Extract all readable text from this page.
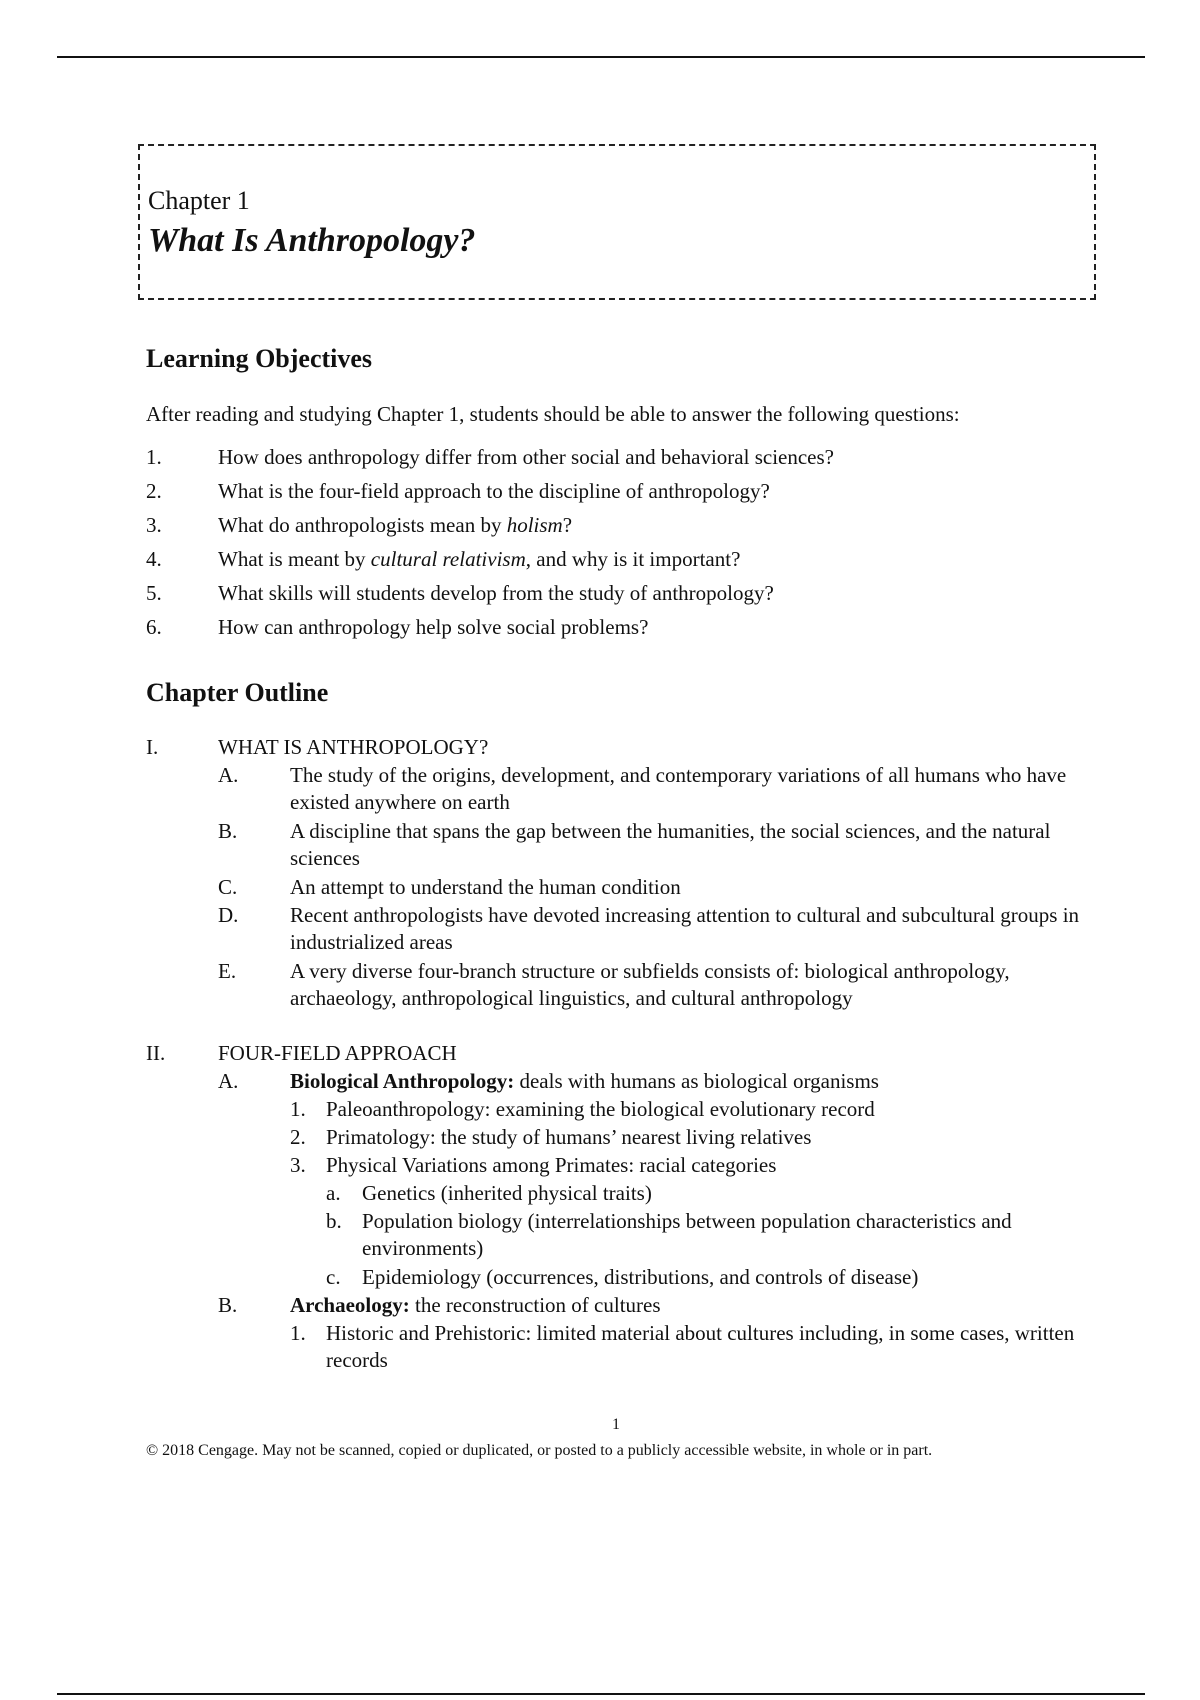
Chapter 1
What Is Anthropology?
Learning Objectives
After reading and studying Chapter 1, students should be able to answer the following questions:
1.	How does anthropology differ from other social and behavioral sciences?
2.	What is the four-field approach to the discipline of anthropology?
3.	What do anthropologists mean by holism?
4.	What is meant by cultural relativism, and why is it important?
5.	What skills will students develop from the study of anthropology?
6.	How can anthropology help solve social problems?
Chapter Outline
I.	WHAT IS ANTHROPOLOGY?
A. The study of the origins, development, and contemporary variations of all humans who have existed anywhere on earth
B.	A discipline that spans the gap between the humanities, the social sciences, and the natural sciences
C.	An attempt to understand the human condition
D. Recent anthropologists have devoted increasing attention to cultural and subcultural groups in industrialized areas
E.	A very diverse four-branch structure or subfields consists of: biological anthropology, archaeology, anthropological linguistics, and cultural anthropology
II.	FOUR-FIELD APPROACH
A. Biological Anthropology: deals with humans as biological organisms
1. Paleoanthropology: examining the biological evolutionary record
2. Primatology: the study of humans’ nearest living relatives
3. Physical Variations among Primates: racial categories
a. Genetics (inherited physical traits)
b. Population biology (interrelationships between population characteristics and environments)
c. Epidemiology (occurrences, distributions, and controls of disease)
B.	Archaeology: the reconstruction of cultures
1. Historic and Prehistoric: limited material about cultures including, in some cases, written records
1
© 2018 Cengage. May not be scanned, copied or duplicated, or posted to a publicly accessible website, in whole or in part.
